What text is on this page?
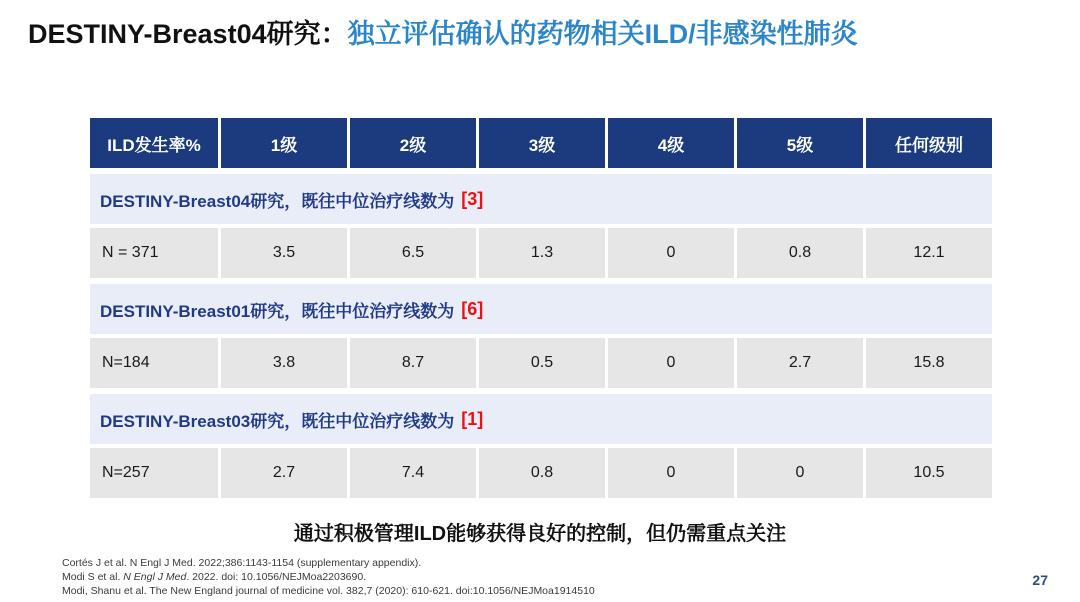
DESTINY-Breast04研究：独立评估确认的药物相关ILD/非感染性肺炎
ILD发生率%	1级	2级	3级	4级	5级	任何级别
DESTINY-Breast04研究，既往中位治疗线数为 [3]
N = 371	3.5	6.5	1.3	0	0.8	12.1
DESTINY-Breast01研究，既往中位治疗线数为 [6]
N=184	3.8	8.7	0.5	0	2.7	15.8
DESTINY-Breast03研究，既往中位治疗线数为 [1]
N=257	2.7	7.4	0.8	0	0	10.5
通过积极管理ILD能够获得良好的控制，但仍需重点关注
Cortés J et al. N Engl J Med. 2022;386:1143-1154 (supplementary appendix).
Modi S et al. N Engl J Med. 2022. doi: 10.1056/NEJMoa2203690.
Modi, Shanu et al. The New England journal of medicine vol. 382,7 (2020): 610-621. doi:10.1056/NEJMoa1914510
27
